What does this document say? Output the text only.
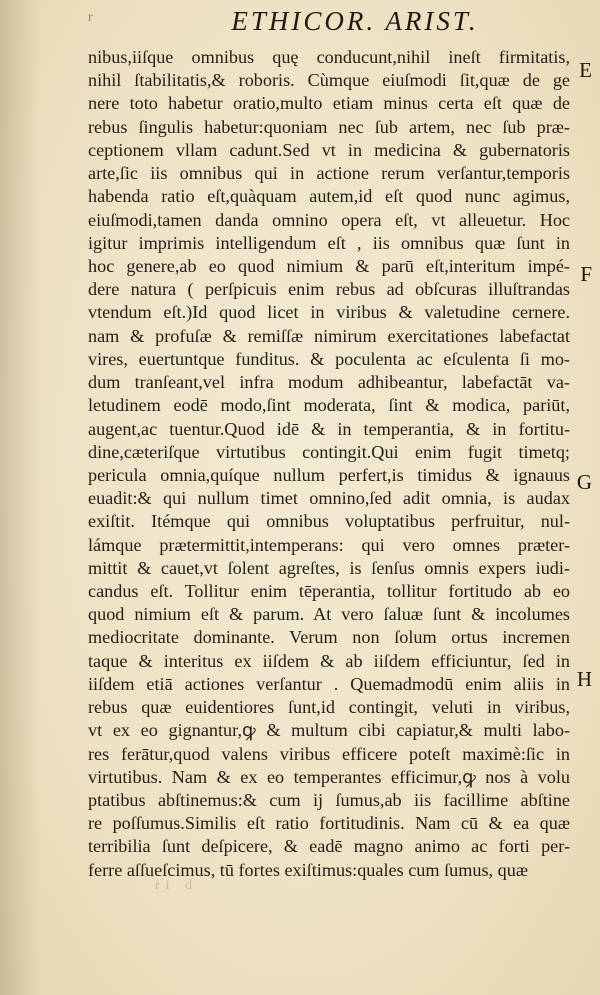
r	ETHICOR. ARIST.
nibus,iiſque omnibus quę conducunt,nihil ineſt firmitatis,
nihil ſtabilitatis,& roboris. Cùmque eiuſmodi ſit,quæ de ge
nere toto habetur oratio,multo etiam minus certa eſt quæ de
rebus ſingulis habetur:quoniam nec ſub artem, nec ſub præ-
ceptionem vllam cadunt.Sed vt in medicina & gubernatoris
arte,ſic iis omnibus qui in actione rerum verſantur,temporis
habenda ratio eſt,quàquam autem,id eſt quod nunc agimus,
eiuſmodi,tamen danda omnino opera eſt, vt alleuetur. Hoc
igitur imprimis intelligendum eſt , iis omnibus quæ ſunt in
hoc genere,ab eo quod nimium & parū eſt,interitum impé-
dere natura ( perſpicuis enim rebus ad obſcuras illuſtrandas
vtendum eſt.)Id quod licet in viribus & valetudine cernere.
nam & profuſæ & remiſſæ nimirum exercitationes labefactat
vires, euertuntque funditus. & poculenta ac eſculenta ſi mo-
dum tranſeant,vel infra modum adhibeantur, labefactāt va-
letudinem eodē modo,ſint moderata, ſint & modica, pariūt,
augent,ac tuentur.Quod idē & in temperantia, & in fortitu-
dine,cæteriſque virtutibus contingit.Qui enim fugit timetq;
pericula omnia,quíque nullum perfert,is timidus & ignauus
euadit:& qui nullum timet omnino,ſed adit omnia, is audax
exiſtit. Itémque qui omnibus voluptatibus perfruitur, nul-
lámque prætermittit,intemperans: qui vero omnes præter-
mittit & cauet,vt ſolent agreſtes, is ſenſus omnis expers iudi-
candus eſt. Tollitur enim tēperantia, tollitur fortitudo ab eo
quod nimium eſt & parum. At vero ſaluæ ſunt & incolumes
mediocritate dominante. Verum non ſolum ortus incremen
taque & interitus ex iiſdem & ab iiſdem efficiuntur, ſed in
iiſdem etiā actiones verſantur . Quemadmodū enim aliis in
rebus quæ euidentiores ſunt,id contingit, veluti in viribus,
vt ex eo gignantur,ꝙ & multum cibi capiatur,& multi labo-
res ferātur,quod valens viribus efficere poteſt maximè:ſic in
virtutibus. Nam & ex eo temperantes efficimur,ꝙ nos à volu
ptatibus abſtinemus:& cum ij ſumus,ab iis facillime abſtine
re poſſumus.Similis eſt ratio fortitudinis. Nam cū & ea quæ
terribilia ſunt deſpicere, & eadē magno animo ac forti per-
ferre aſſueſcimus, tū fortes exiſtimus:quales cum ſumus, quæ
E
F
G
H
ri d
